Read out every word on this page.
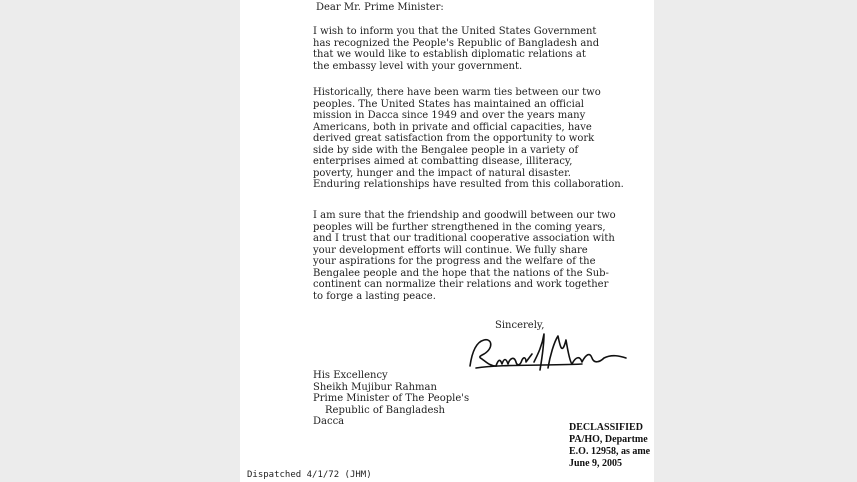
Dear Mr. Prime Minister:

I wish to inform you that the United States Government
has recognized the People's Republic of Bangladesh and
that we would like to establish diplomatic relations at
the embassy level with your government.
Historically, there have been warm ties between our two
peoples. The United States has maintained an official
mission in Dacca since 1949 and over the years many
Americans, both in private and official capacities, have
derived great satisfaction from the opportunity to work
side by side with the Bengalee people in a variety of
enterprises aimed at combatting disease, illiteracy,
poverty, hunger and the impact of natural disaster.
Enduring relationships have resulted from this collaboration.
I am sure that the friendship and goodwill between our two
peoples will be further strengthened in the coming years,
and I trust that our traditional cooperative association with
your development efforts will continue. We fully share
your aspirations for the progress and the welfare of the
Bengalee people and the hope that the nations of the Sub-
continent can normalize their relations and work together
to forge a lasting peace.

Sincerely,

His Excellency
Sheikh Mujibur Rahman
Prime Minister of The People's
Republic of Bangladesh
Dacca
DECLASSIFIED
PA/HO, Departme
E.O. 12958, as ame
June 9, 2005

Dispatched 4/1/72 (JHM)
